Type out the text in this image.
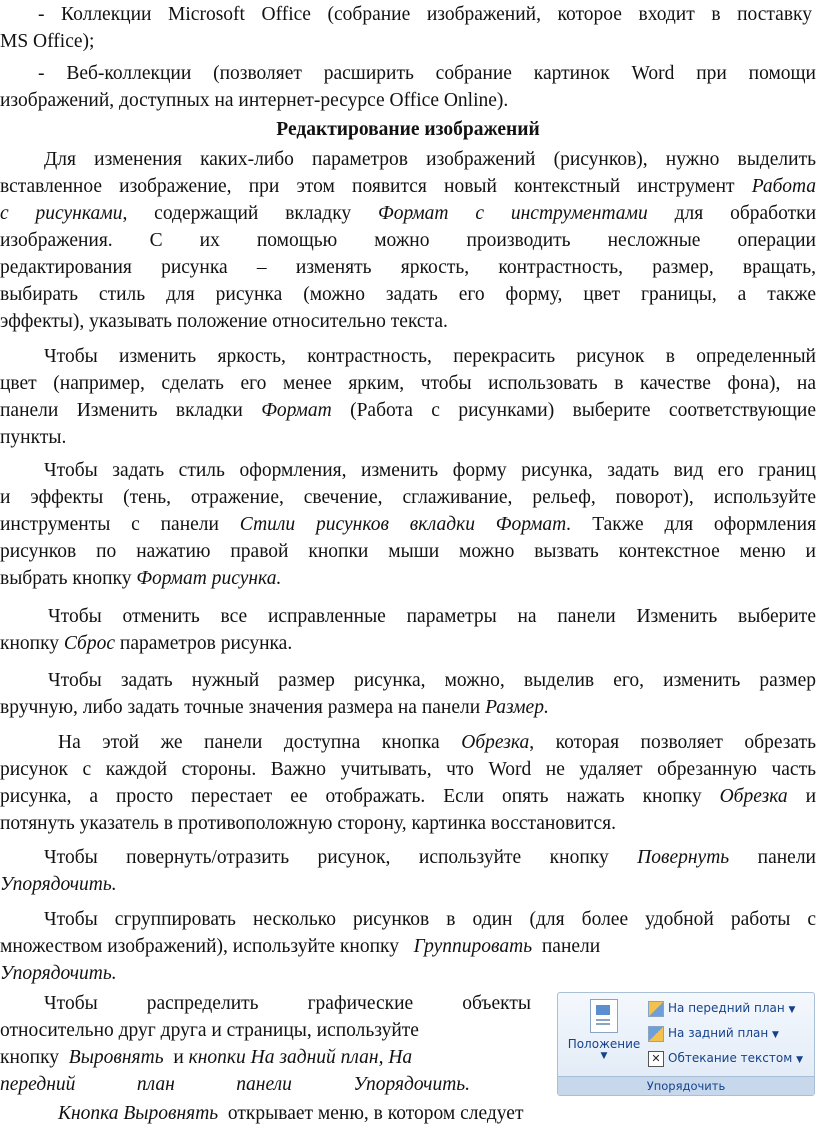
- Коллекции Microsoft Office (собрание изображений, которое входит в поставку

MS Office);

- Веб-коллекции (позволяет расширить собрание картинок Word при помощи

изображений, доступных на интернет-ресурсе Office Online).

Редактирование изображений

Для изменения каких-либо параметров изображений (рисунков), нужно выделить

вставленное изображение, при этом появится новый контекстный инструмент Работа

с рисунками, содержащий вкладку Формат с инструментами для обработки

изображения. С их помощью можно производить несложные операции

редактирования рисунка – изменять яркость, контрастность, размер, вращать,

выбирать стиль для рисунка (можно задать его форму, цвет границы, а также

эффекты), указывать положение относительно текста.

Чтобы изменить яркость, контрастность, перекрасить рисунок в определенный

цвет (например, сделать его менее ярким, чтобы использовать в качестве фона), на

панели Изменить вкладки Формат (Работа с рисунками) выберите соответствующие

пункты.

Чтобы задать стиль оформления, изменить форму рисунка, задать вид его границ

и эффекты (тень, отражение, свечение, сглаживание, рельеф, поворот), используйте

инструменты с панели Стили рисунков вкладки Формат. Также для оформления

рисунков по нажатию правой кнопки мыши можно вызвать контекстное меню и

выбрать кнопку Формат рисунка.

Чтобы отменить все исправленные параметры на панели Изменить выберите

кнопку Сброс параметров рисунка.

Чтобы задать нужный размер рисунка, можно, выделив его, изменить размер

вручную, либо задать точные значения размера на панели Размер.

На этой же панели доступна кнопка Обрезка, которая позволяет обрезать

рисунок с каждой стороны. Важно учитывать, что Word не удаляет обрезанную часть

рисунка, а просто перестает ее отображать. Если опять нажать кнопку Обрезка и

потянуть указатель в противоположную сторону, картинка восстановится.

Чтобы повернуть/отразить рисунок, используйте кнопку Повернуть панели

Упорядочить.

Чтобы сгруппировать несколько рисунков в один (для более удобной работы с

множеством изображений), используйте кнопку Группировать панели

Упорядочить.

Чтобы распределить графические объекты

относительно друг друга и страницы, используйте

кнопку Выровнять и кнопки На задний план, На

передний план	панели	Упорядочить.

Кнопка Выровнять открывает меню, в котором следует

Положение
▼
На передний план ▼
На задний план ▼
✕ Обтекание текстом ▼
Упорядочить
